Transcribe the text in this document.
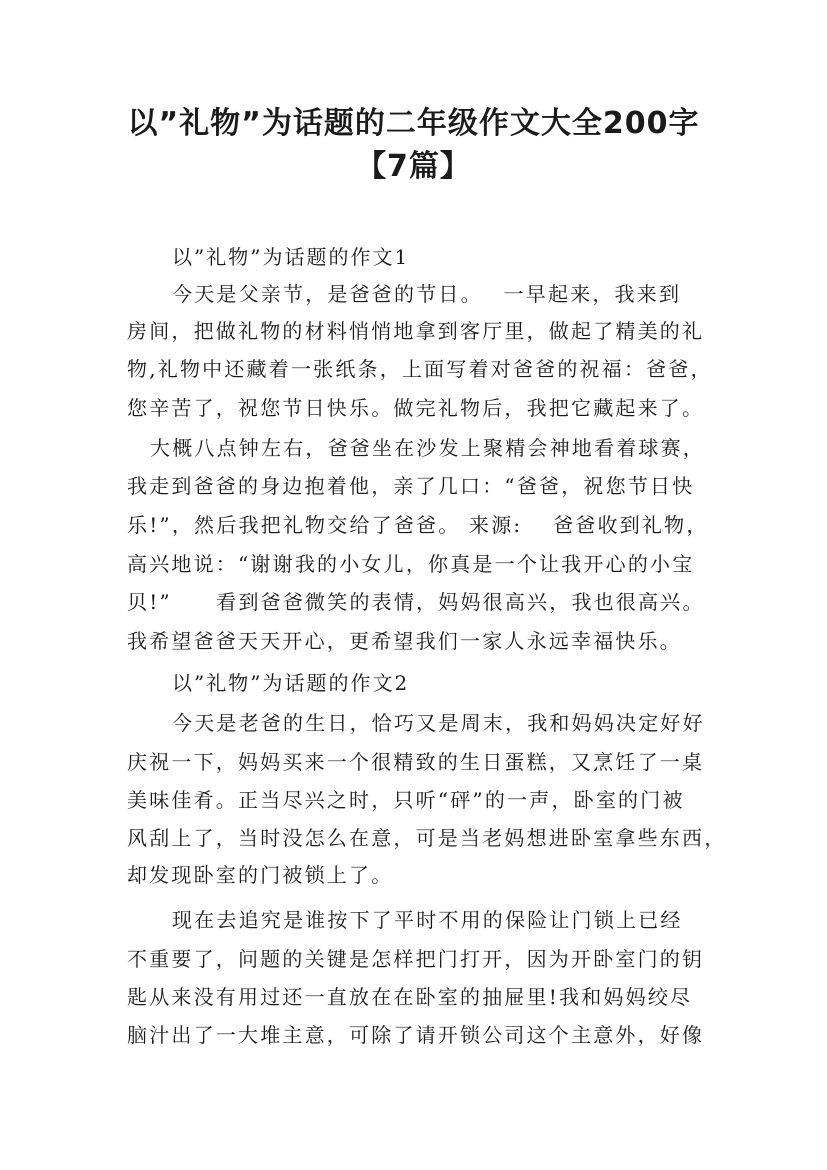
以”礼物”为话题的二年级作文大全200字
【7篇】
以”礼物”为话题的作文1
今天是父亲节，是爸爸的节日。　 一早起来，我来到
房间，把做礼物的材料悄悄地拿到客厅里，做起了精美的礼
物,礼物中还藏着一张纸条，上面写着对爸爸的祝福：爸爸，
您辛苦了，祝您节日快乐。做完礼物后，我把它藏起来了。
大概八点钟左右，爸爸坐在沙发上聚精会神地看着球赛，
我走到爸爸的身边抱着他，亲了几口：“爸爸，祝您节日快
乐!”，然后我把礼物交给了爸爸。 来源:　 爸爸收到礼物，
高兴地说：“谢谢我的小女儿，你真是一个让我开心的小宝
贝!”　　看到爸爸微笑的表情，妈妈很高兴，我也很高兴。
我希望爸爸天天开心，更希望我们一家人永远幸福快乐。
以”礼物”为话题的作文2
今天是老爸的生日，恰巧又是周末，我和妈妈决定好好
庆祝一下，妈妈买来一个很精致的生日蛋糕，又烹饪了一桌
美味佳肴。正当尽兴之时，只听“砰”的一声，卧室的门被
风刮上了，当时没怎么在意，可是当老妈想进卧室拿些东西，
却发现卧室的门被锁上了。
现在去追究是谁按下了平时不用的保险让门锁上已经
不重要了，问题的关键是怎样把门打开，因为开卧室门的钥
匙从来没有用过还一直放在在卧室的抽屉里!我和妈妈绞尽
脑汁出了一大堆主意，可除了请开锁公司这个主意外，好像
